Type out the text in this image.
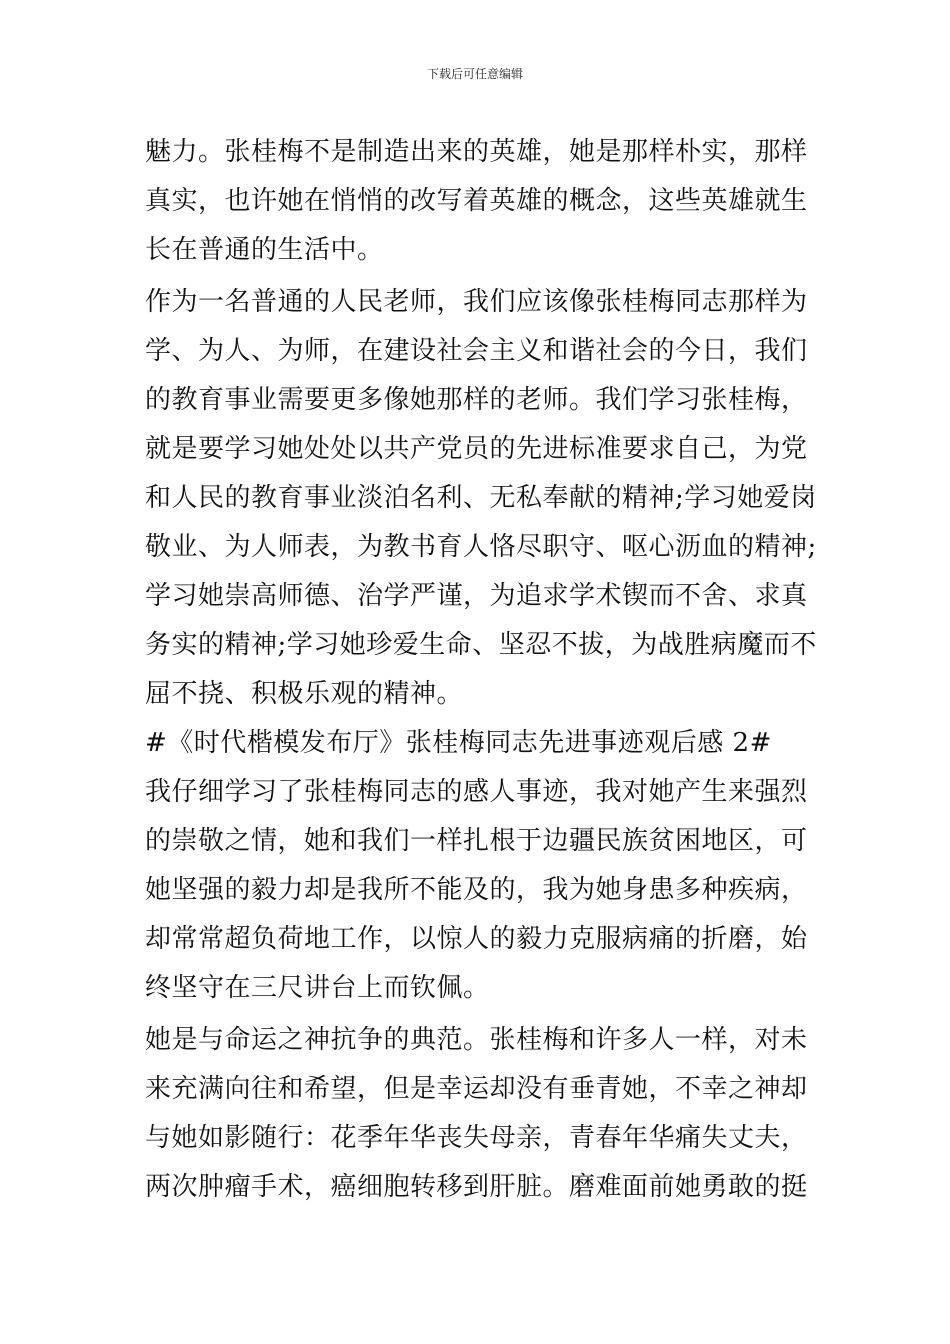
下载后可任意编辑
魅力。张桂梅不是制造出来的英雄，她是那样朴实，那样
真实，也许她在悄悄的改写着英雄的概念，这些英雄就生
长在普通的生活中。
作为一名普通的人民老师，我们应该像张桂梅同志那样为
学、为人、为师，在建设社会主义和谐社会的今日，我们
的教育事业需要更多像她那样的老师。我们学习张桂梅，
就是要学习她处处以共产党员的先进标准要求自己，为党
和人民的教育事业淡泊名利、无私奉献的精神;学习她爱岗
敬业、为人师表，为教书育人恪尽职守、呕心沥血的精神;
学习她崇高师德、治学严谨，为追求学术锲而不舍、求真
务实的精神;学习她珍爱生命、坚忍不拔，为战胜病魔而不
屈不挠、积极乐观的精神。
#《时代楷模发布厅》张桂梅同志先进事迹观后感 2#
我仔细学习了张桂梅同志的感人事迹，我对她产生来强烈
的崇敬之情，她和我们一样扎根于边疆民族贫困地区，可
她坚强的毅力却是我所不能及的，我为她身患多种疾病，
却常常超负荷地工作，以惊人的毅力克服病痛的折磨，始
终坚守在三尺讲台上而钦佩。
她是与命运之神抗争的典范。张桂梅和许多人一样，对未
来充满向往和希望，但是幸运却没有垂青她，不幸之神却
与她如影随行：花季年华丧失母亲，青春年华痛失丈夫，
两次肿瘤手术，癌细胞转移到肝脏。磨难面前她勇敢的挺
